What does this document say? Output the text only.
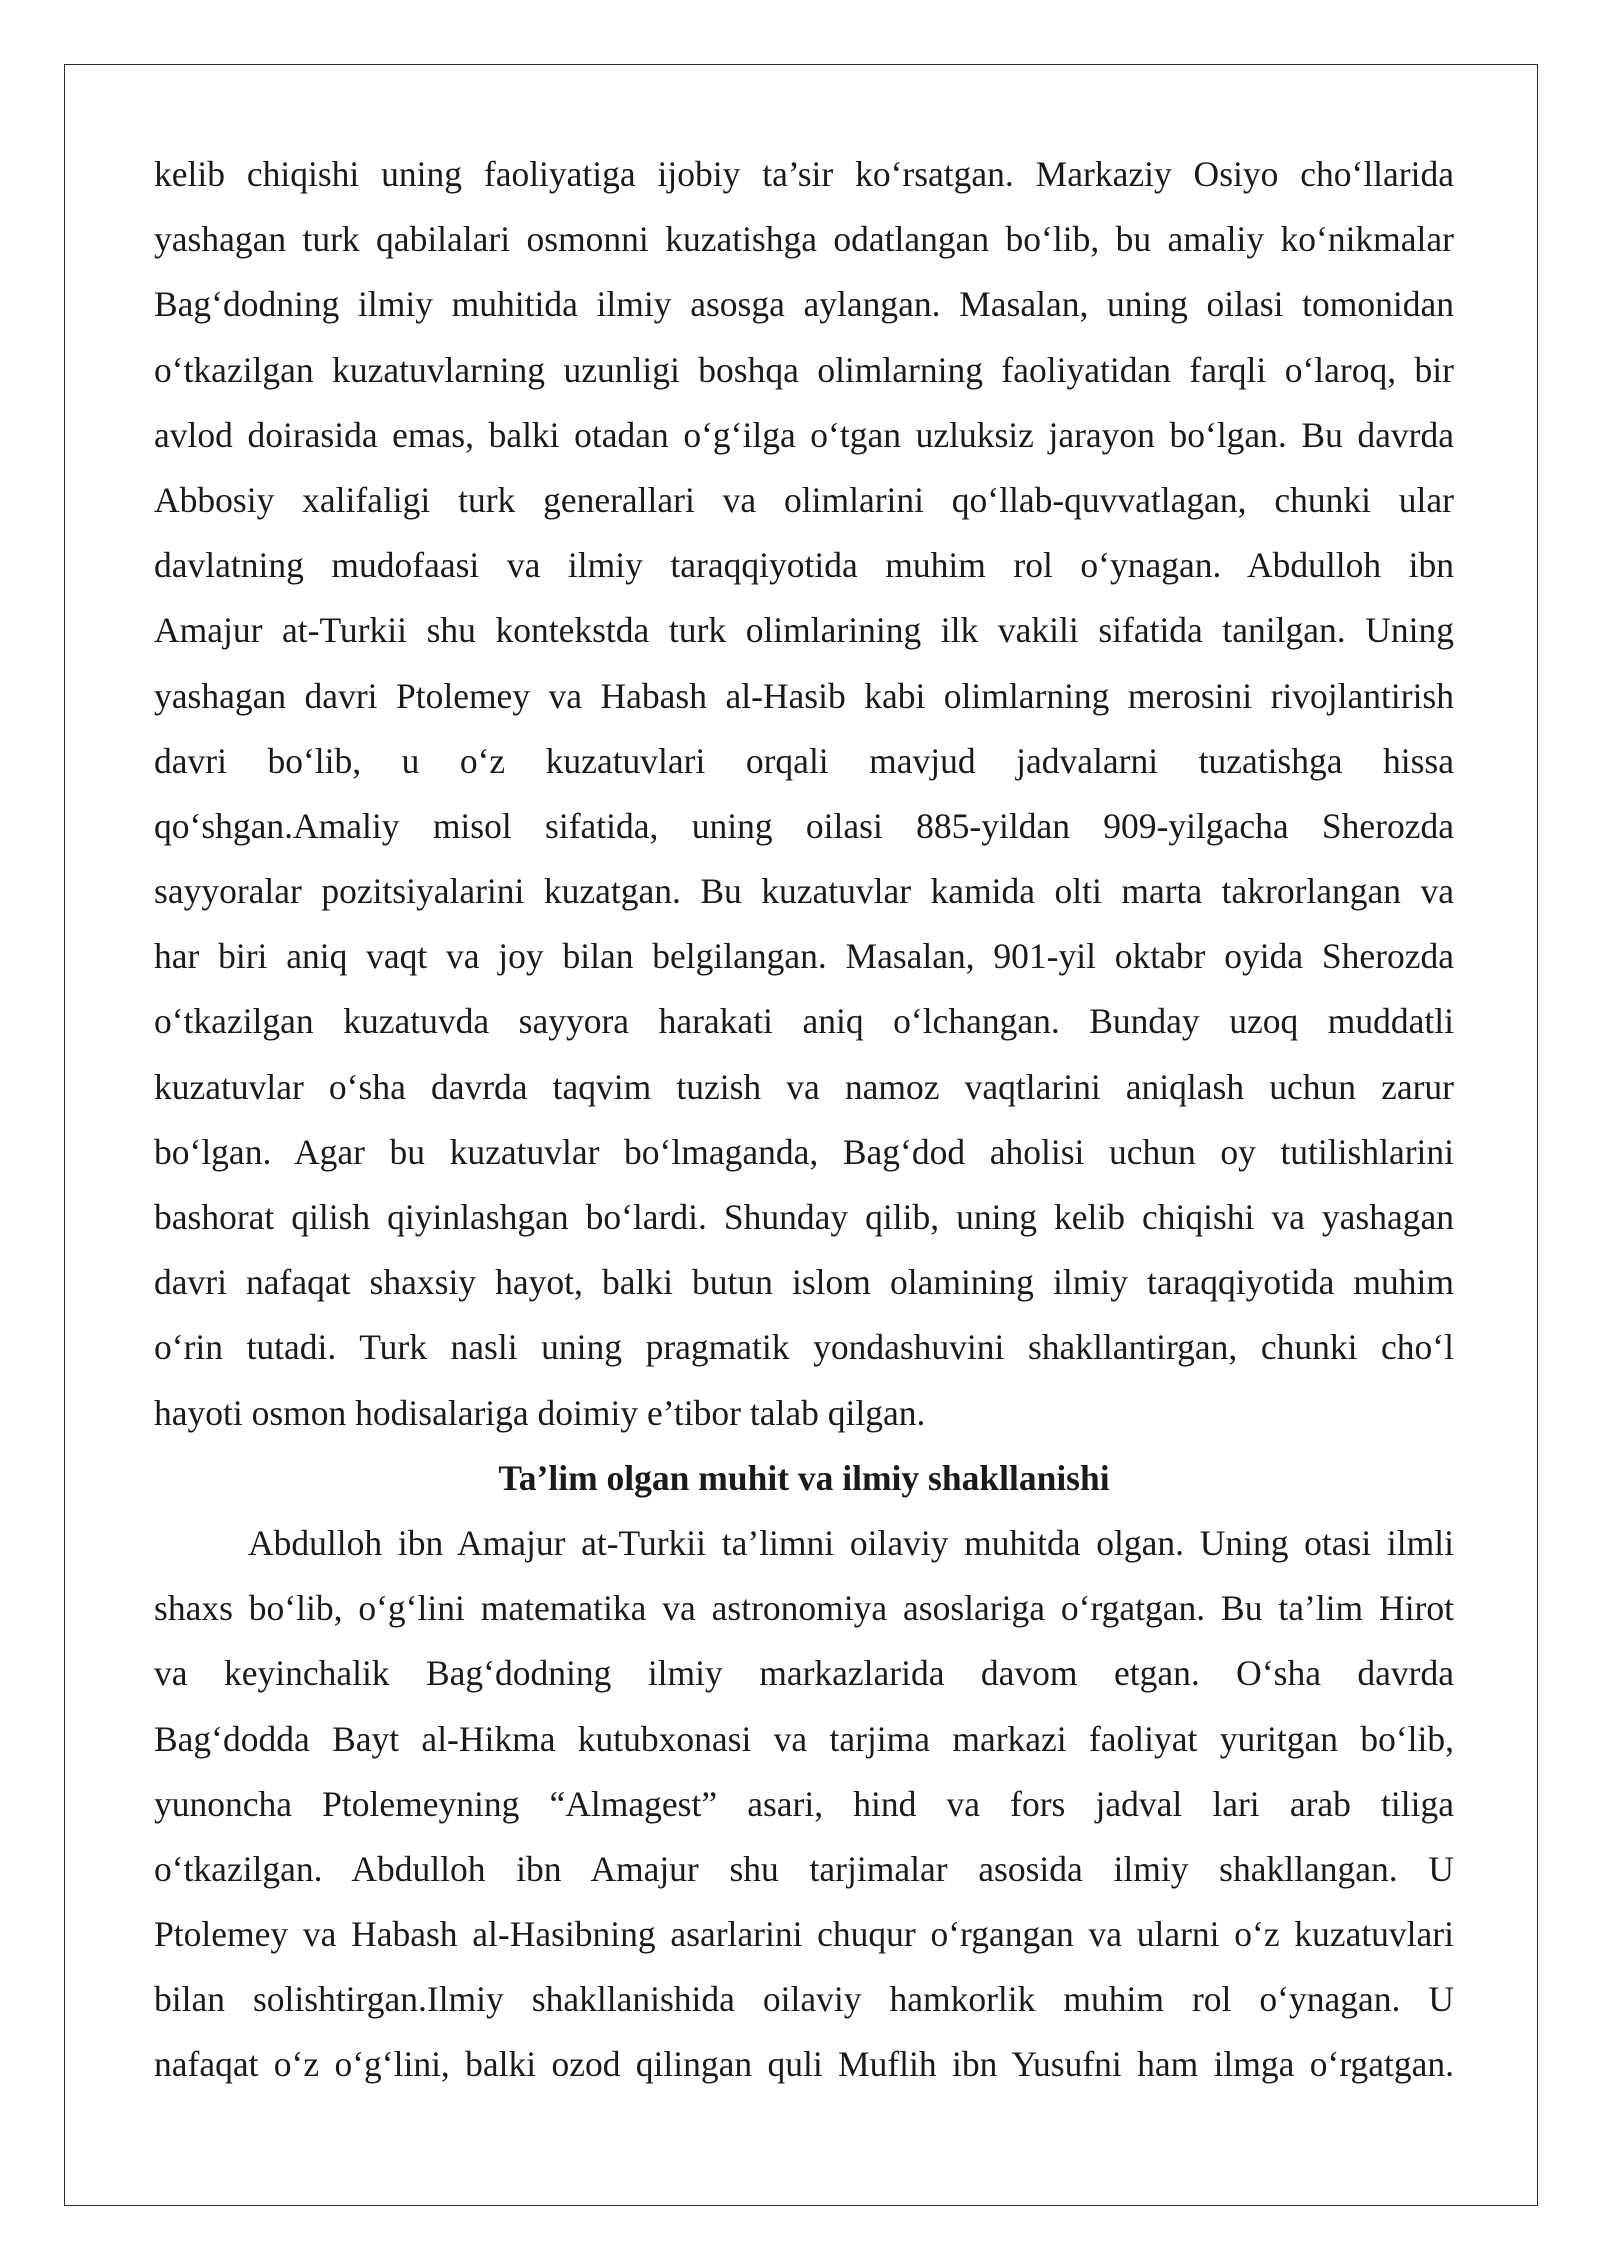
kelib chiqishi uning faoliyatiga ijobiy ta’sir ko‘rsatgan. Markaziy Osiyo cho‘llarida
yashagan turk qabilalari osmonni kuzatishga odatlangan bo‘lib, bu amaliy ko‘nikmalar
Bag‘dodning ilmiy muhitida ilmiy asosga aylangan. Masalan, uning oilasi tomonidan
o‘tkazilgan kuzatuvlarning uzunligi boshqa olimlarning faoliyatidan farqli o‘laroq, bir
avlod doirasida emas, balki otadan o‘g‘ilga o‘tgan uzluksiz jarayon bo‘lgan. Bu davrda
Abbosiy xalifaligi turk generallari va olimlarini qo‘llab-quvvatlagan, chunki ular
davlatning mudofaasi va ilmiy taraqqiyotida muhim rol o‘ynagan. Abdulloh ibn
Amajur at-Turkii shu kontekstda turk olimlarining ilk vakili sifatida tanilgan. Uning
yashagan davri Ptolemey va Habash al-Hasib kabi olimlarning merosini rivojlantirish
davri bo‘lib, u o‘z kuzatuvlari orqali mavjud jadvalarni tuzatishga hissa
qo‘shgan.Amaliy misol sifatida, uning oilasi 885-yildan 909-yilgacha Sherozda
sayyoralar pozitsiyalarini kuzatgan. Bu kuzatuvlar kamida olti marta takrorlangan va
har biri aniq vaqt va joy bilan belgilangan. Masalan, 901-yil oktabr oyida Sherozda
o‘tkazilgan kuzatuvda sayyora harakati aniq o‘lchangan. Bunday uzoq muddatli
kuzatuvlar o‘sha davrda taqvim tuzish va namoz vaqtlarini aniqlash uchun zarur
bo‘lgan. Agar bu kuzatuvlar bo‘lmaganda, Bag‘dod aholisi uchun oy tutilishlarini
bashorat qilish qiyinlashgan bo‘lardi. Shunday qilib, uning kelib chiqishi va yashagan
davri nafaqat shaxsiy hayot, balki butun islom olamining ilmiy taraqqiyotida muhim
o‘rin tutadi. Turk nasli uning pragmatik yondashuvini shakllantirgan, chunki cho‘l
hayoti osmon hodisalariga doimiy e’tibor talab qilgan.
Ta’lim olgan muhit va ilmiy shakllanishi
Abdulloh ibn Amajur at-Turkii ta’limni oilaviy muhitda olgan. Uning otasi ilmli
shaxs bo‘lib, o‘g‘lini matematika va astronomiya asoslariga o‘rgatgan. Bu ta’lim Hirot
va keyinchalik Bag‘dodning ilmiy markazlarida davom etgan. O‘sha davrda
Bag‘dodda Bayt al-Hikma kutubxonasi va tarjima markazi faoliyat yuritgan bo‘lib,
yunoncha Ptolemeyning “Almagest” asari, hind va fors jadval lari arab tiliga
o‘tkazilgan. Abdulloh ibn Amajur shu tarjimalar asosida ilmiy shakllangan. U
Ptolemey va Habash al-Hasibning asarlarini chuqur o‘rgangan va ularni o‘z kuzatuvlari
bilan solishtirgan.Ilmiy shakllanishida oilaviy hamkorlik muhim rol o‘ynagan. U
nafaqat o‘z o‘g‘lini, balki ozod qilingan quli Muflih ibn Yusufni ham ilmga o‘rgatgan.
